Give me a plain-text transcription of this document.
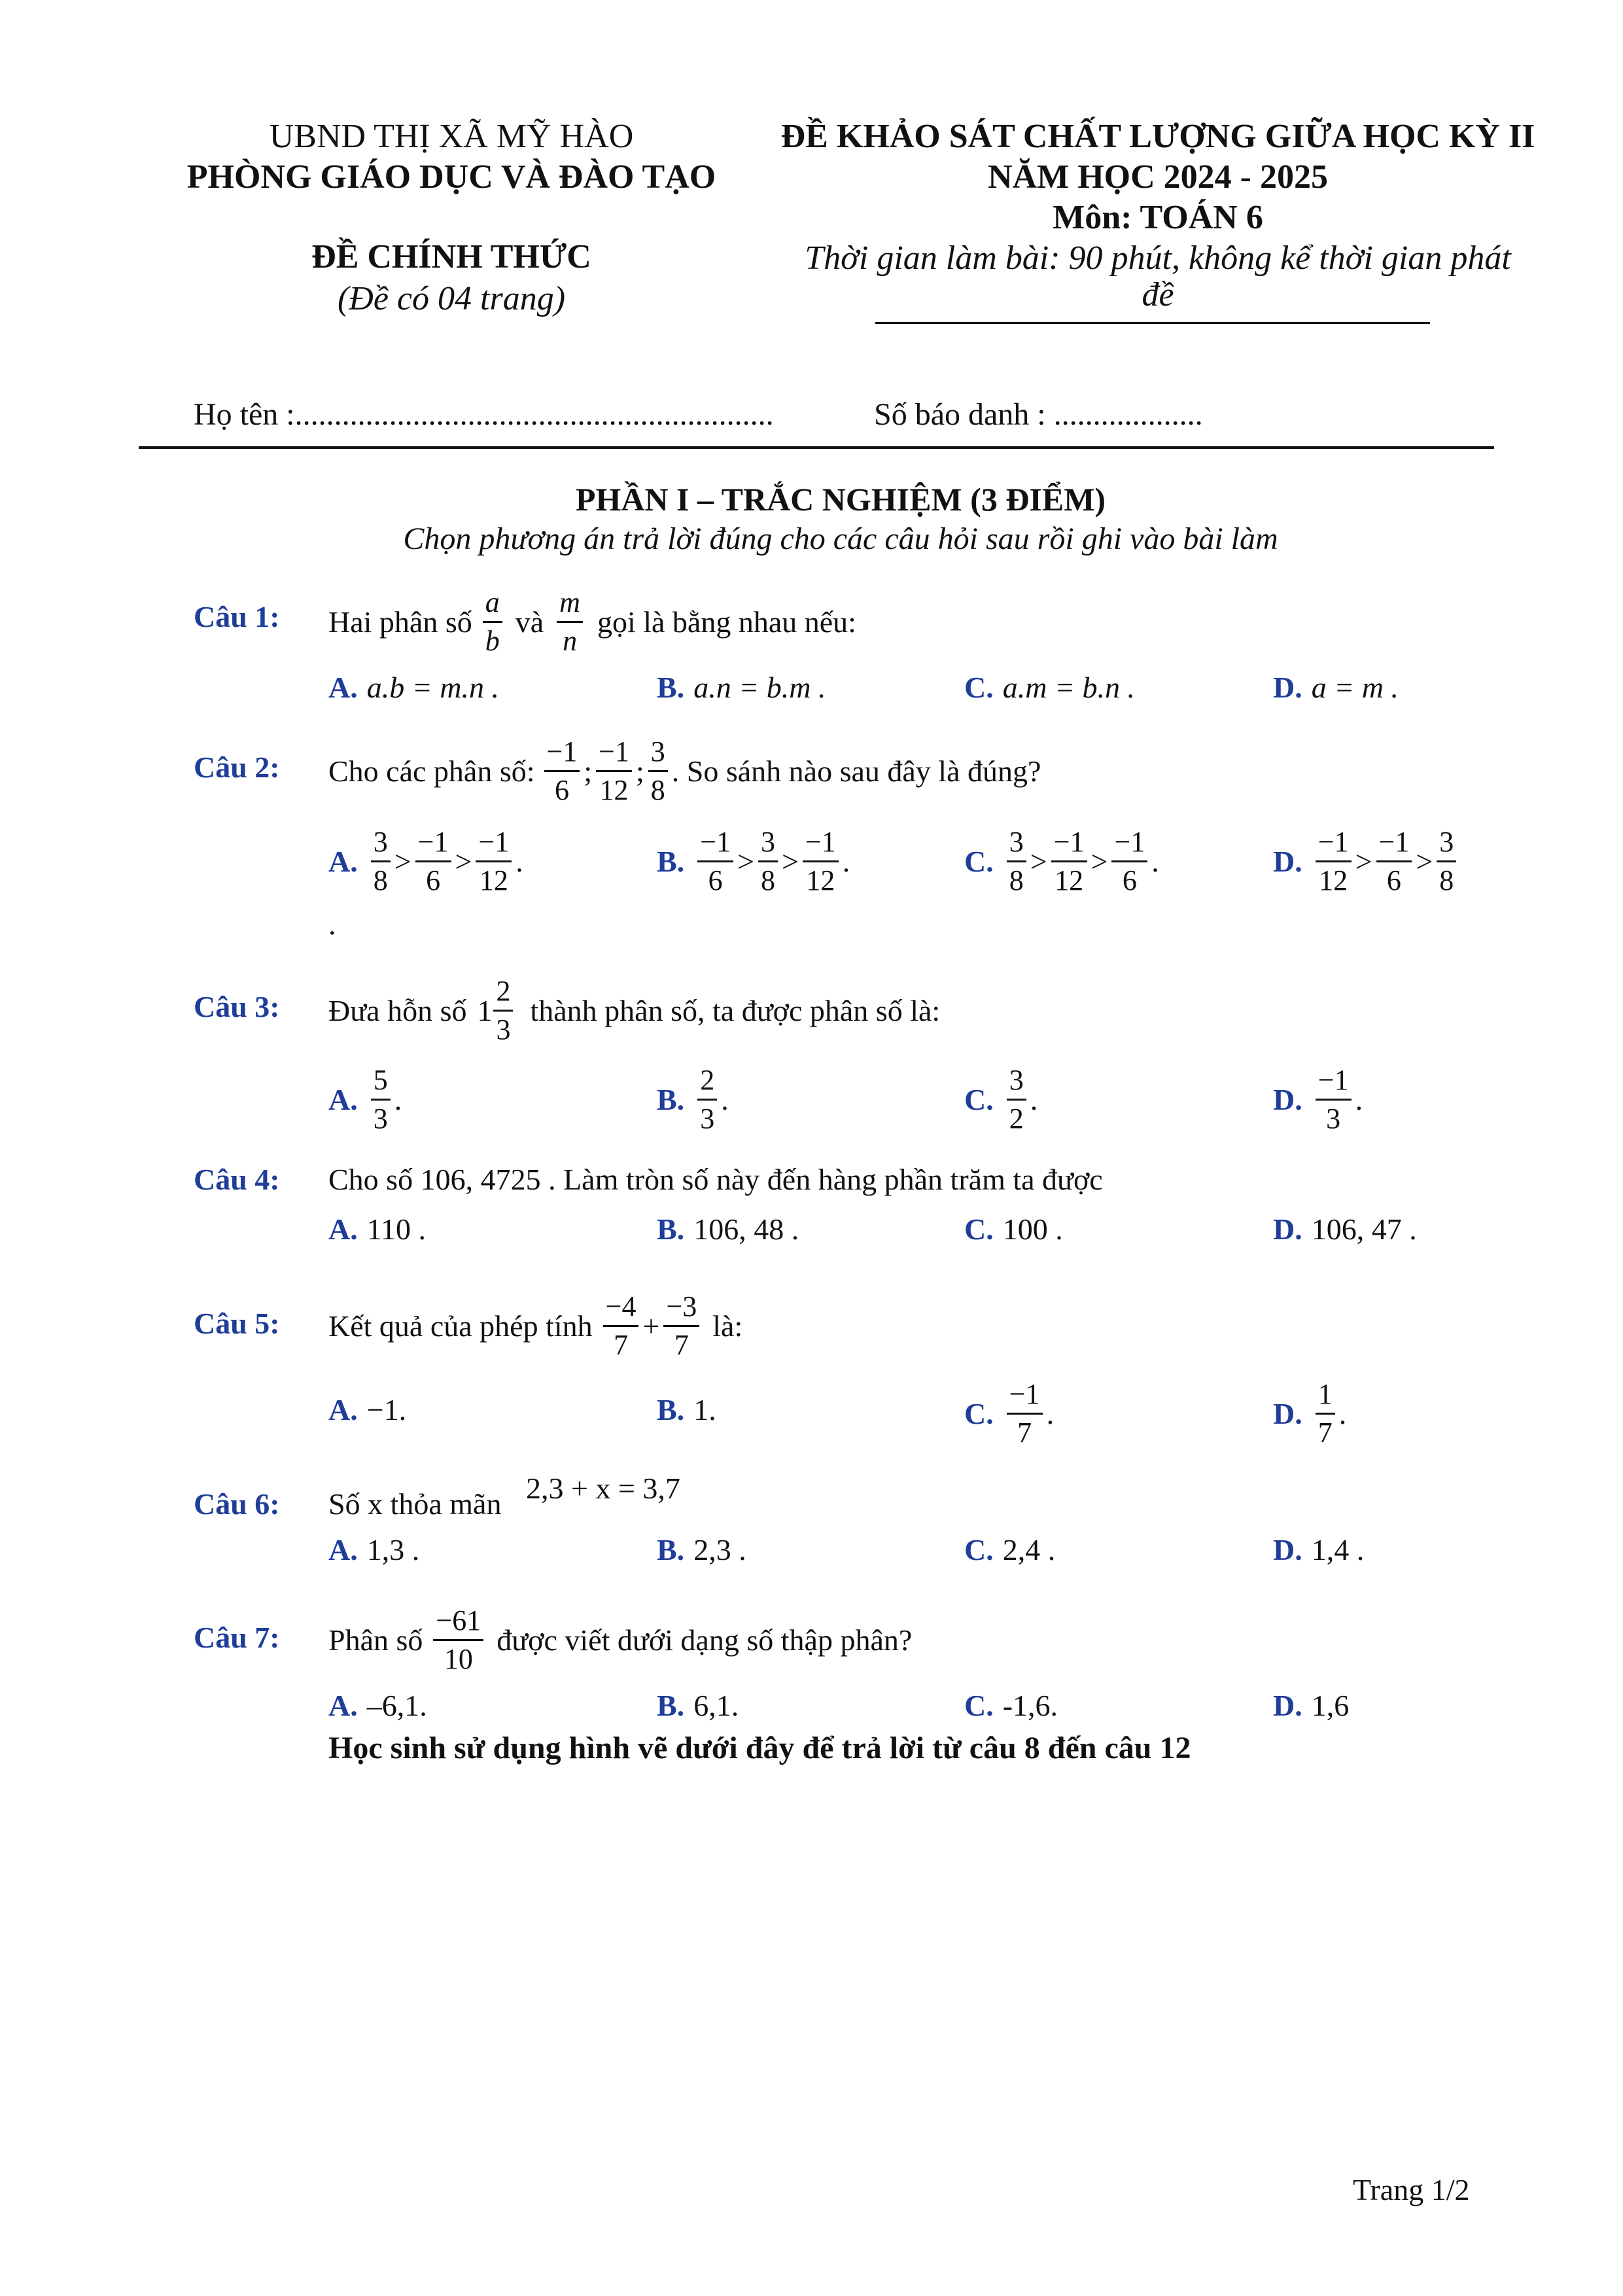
UBND THỊ XÃ MỸ HÀO
PHÒNG GIÁO DỤC VÀ ĐÀO TẠO
ĐỀ CHÍNH THỨC
(Đề có 04 trang)
ĐỀ KHẢO SÁT CHẤT LƯỢNG GIỮA HỌC KỲ II
NĂM HỌC 2024 - 2025
Môn: TOÁN 6
Thời gian làm bài: 90 phút, không kể thời gian phát
đề
Họ tên :.............................................................	Số báo danh : ...................
PHẦN I – TRẮC NGHIỆM (3 ĐIỂM)
Chọn phương án trả lời đúng cho các câu hỏi sau rồi ghi vào bài làm
Câu 1: Hai phân số $\frac{a}{b}$ và $\frac{m}{n}$ gọi là bằng nhau nếu:
A. a.b = m.n .	B. a.n = b.m .	C. a.m = b.n .	D. a = m .
Câu 2: Cho các phân số: $\frac{-1}{6}$ ; $\frac{-1}{12}$ ; $\frac{3}{8}$ . So sánh nào sau đây là đúng?
A. $\frac{3}{8} > \frac{-1}{6} > \frac{-1}{12}$ .	B. $\frac{-1}{6} > \frac{3}{8} > \frac{-1}{12}$ .	C. $\frac{3}{8} > \frac{-1}{12} > \frac{-1}{6}$ .	D. $\frac{-1}{12} > \frac{-1}{6} > \frac{3}{8}$
.
Câu 3: Đưa hỗn số $1 \frac{2}{3}$ thành phân số, ta được phân số là:
A. $\frac{5}{3}$ .	B. $\frac{2}{3}$ .	C. $\frac{3}{2}$ .	D. $\frac{-1}{3}$ .
Câu 4: Cho số 106, 4725 . Làm tròn số này đến hàng phần trăm ta được
A. 110 .	B. 106, 48 .	C. 100 .	D. 106, 47 .
Câu 5: Kết quả của phép tính $\frac{-4}{7} + \frac{-3}{7}$ là:
A. −1.	B. 1.	C. $\frac{-1}{7}$ .	D. $\frac{1}{7}$ .
Câu 6: Số x thỏa mãn 2,3 + x = 3,7
A. 1,3 .	B. 2,3 .	C. 2,4 .	D. 1,4 .
Câu 7: Phân số $\frac{-61}{10}$ được viết dưới dạng số thập phân?
A. –6,1.	B. 6,1.	C. -1,6.	D. 1,6
Học sinh sử dụng hình vẽ dưới đây để trả lời từ câu 8 đến câu 12
Trang 1/2
